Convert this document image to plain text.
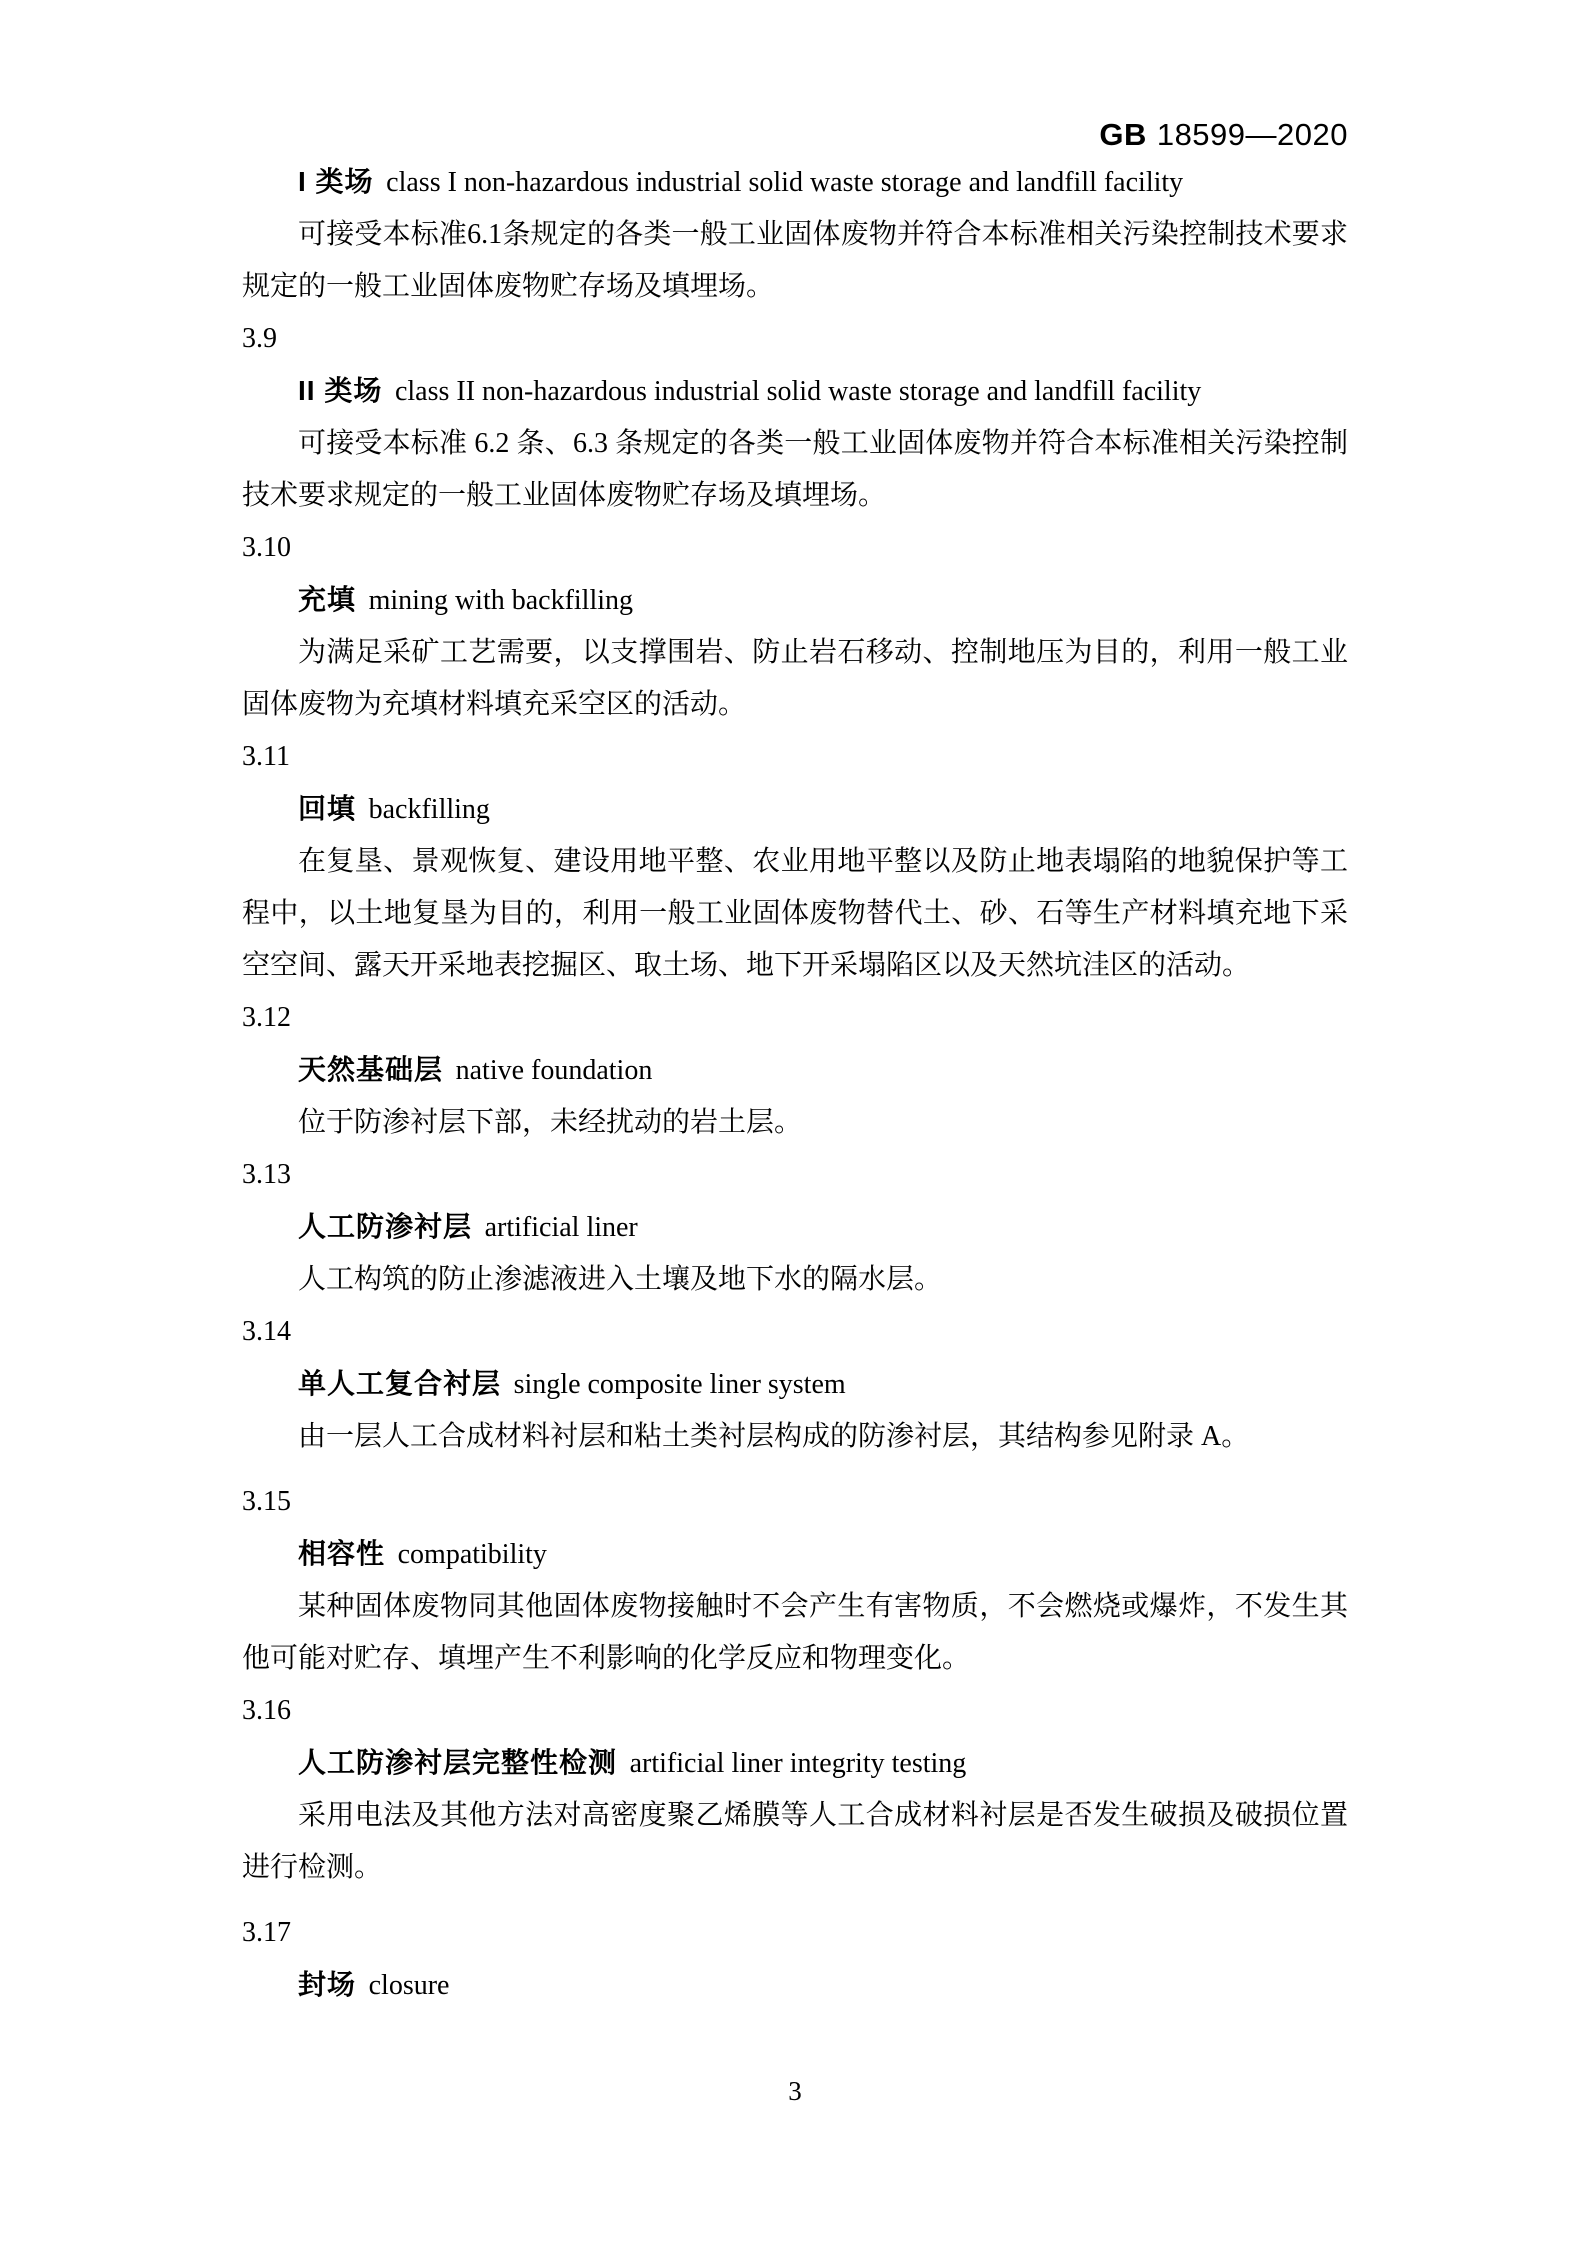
GB 18599—2020
I 类场 class I non-hazardous industrial solid waste storage and landfill facility

可接受本标准6.1条规定的各类一般工业固体废物并符合本标准相关污染控制技术要求规定的一般工业固体废物贮存场及填埋场。

3.9
II 类场 class II non-hazardous industrial solid waste storage and landfill facility

可接受本标准 6.2 条、6.3 条规定的各类一般工业固体废物并符合本标准相关污染控制技术要求规定的一般工业固体废物贮存场及填埋场。

3.10
充填 mining with backfilling

为满足采矿工艺需要，以支撑围岩、防止岩石移动、控制地压为目的，利用一般工业固体废物为充填材料填充采空区的活动。

3.11
回填 backfilling

在复垦、景观恢复、建设用地平整、农业用地平整以及防止地表塌陷的地貌保护等工程中，以土地复垦为目的，利用一般工业固体废物替代土、砂、石等生产材料填充地下采空空间、露天开采地表挖掘区、取土场、地下开采塌陷区以及天然坑洼区的活动。

3.12
天然基础层 native foundation

位于防渗衬层下部，未经扰动的岩土层。

3.13
人工防渗衬层 artificial liner

人工构筑的防止渗滤液进入土壤及地下水的隔水层。

3.14
单人工复合衬层 single composite liner system

由一层人工合成材料衬层和粘土类衬层构成的防渗衬层，其结构参见附录 A。

3.15
相容性 compatibility

某种固体废物同其他固体废物接触时不会产生有害物质，不会燃烧或爆炸，不发生其他可能对贮存、填埋产生不利影响的化学反应和物理变化。

3.16
人工防渗衬层完整性检测 artificial liner integrity testing

采用电法及其他方法对高密度聚乙烯膜等人工合成材料衬层是否发生破损及破损位置进行检测。

3.17
封场 closure
3
